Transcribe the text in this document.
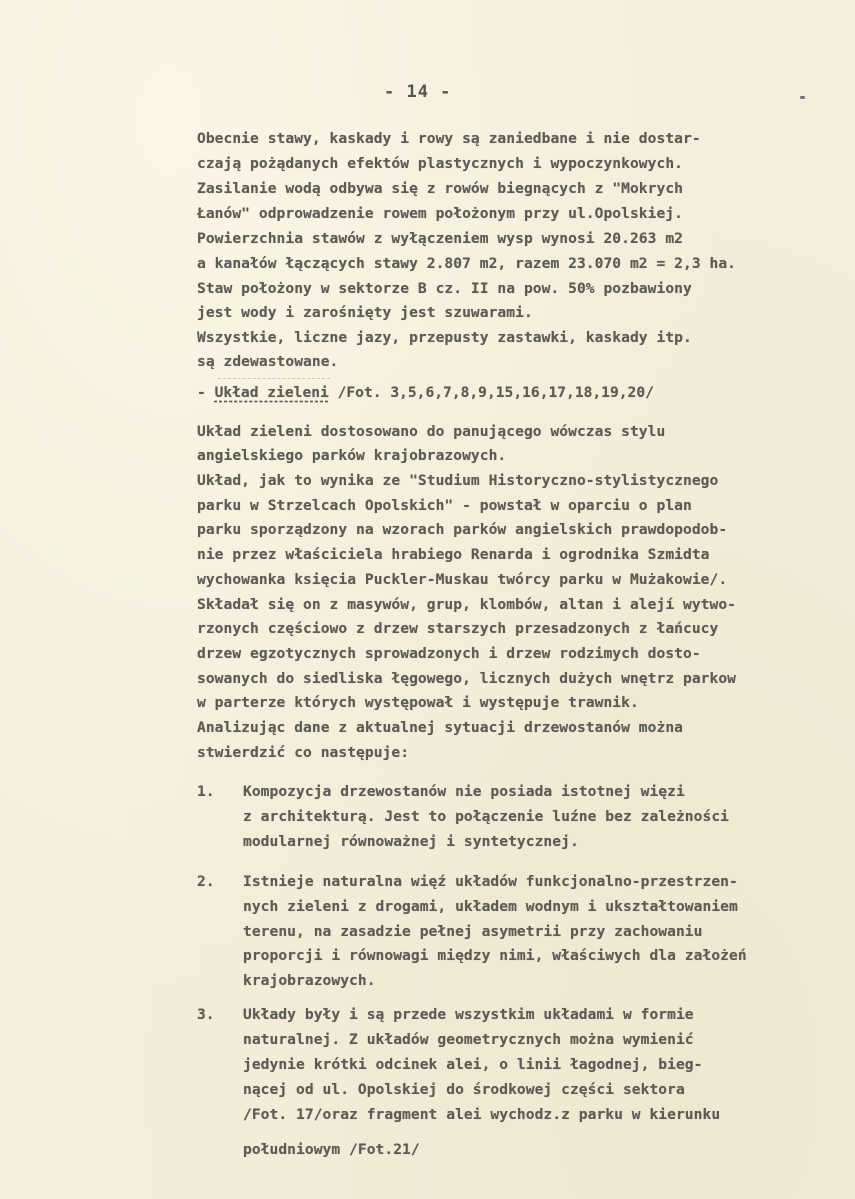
- 14 -
Obecnie stawy, kaskady i rowy są zaniedbane i nie dostar-
czają pożądanych efektów plastycznych i wypoczynkowych.
Zasilanie wodą odbywa się z rowów biegnących z "Mokrych
Łanów" odprowadzenie rowem położonym przy ul.Opolskiej.
Powierzchnia stawów z wyłączeniem wysp wynosi 20.263 m2
a kanałów łączących stawy 2.807 m2, razem 23.070 m2 = 2,3 ha.
Staw położony w sektorze B cz. II na pow. 50% pozbawiony
jest wody i zarośnięty jest szuwarami.
Wszystkie, liczne jazy, przepusty zastawki, kaskady itp.
są zdewastowane.
- Układ zieleni /Fot. 3,5,6,7,8,9,15,16,17,18,19,20/
Układ zieleni dostosowano do panującego wówczas stylu
angielskiego parków krajobrazowych.
Układ, jak to wynika ze "Studium Historyczno-stylistycznego
parku w Strzelcach Opolskich" - powstał w oparciu o plan
parku sporządzony na wzorach parków angielskich prawdopodob-
nie przez właściciela hrabiego Renarda i ogrodnika Szmidta
wychowanka księcia Puckler-Muskau twórcy parku w Mużakowie/.
Składał się on z masywów, grup, klombów, altan i alejí wytwo-
rzonych częściowo z drzew starszych przesadzonych z łańcucy
drzew egzotycznych sprowadzonych i drzew rodzimych dosto-
sowanych do siedliska łęgowego, licznych dużych wnętrz parkow
w parterze których występował i występuje trawnik.
Analizując dane z aktualnej sytuacji drzewostanów można
stwierdzić co następuje:
1. Kompozycja drzewostanów nie posiada istotnej więzi
z architekturą. Jest to połączenie luźne bez zależności
modularnej równoważnej i syntetycznej.
2. Istnieje naturalna więź układów funkcjonalno-przestrzen-
nych zieleni z drogami, układem wodnym i ukształtowaniem
terenu, na zasadzie pełnej asymetrii przy zachowaniu
proporcji i równowagi między nimi, właściwych dla założeń
krajobrazowych.
3. Układy były i są przede wszystkim układami w formie
naturalnej. Z układów geometrycznych można wymienić
jedynie krótki odcinek alei, o linii łagodnej, bieg-
nącej od ul. Opolskiej do środkowej części sektora
/Fot. 17/oraz fragment alei wychodz.z parku w kierunku
południowym /Fot.21/
